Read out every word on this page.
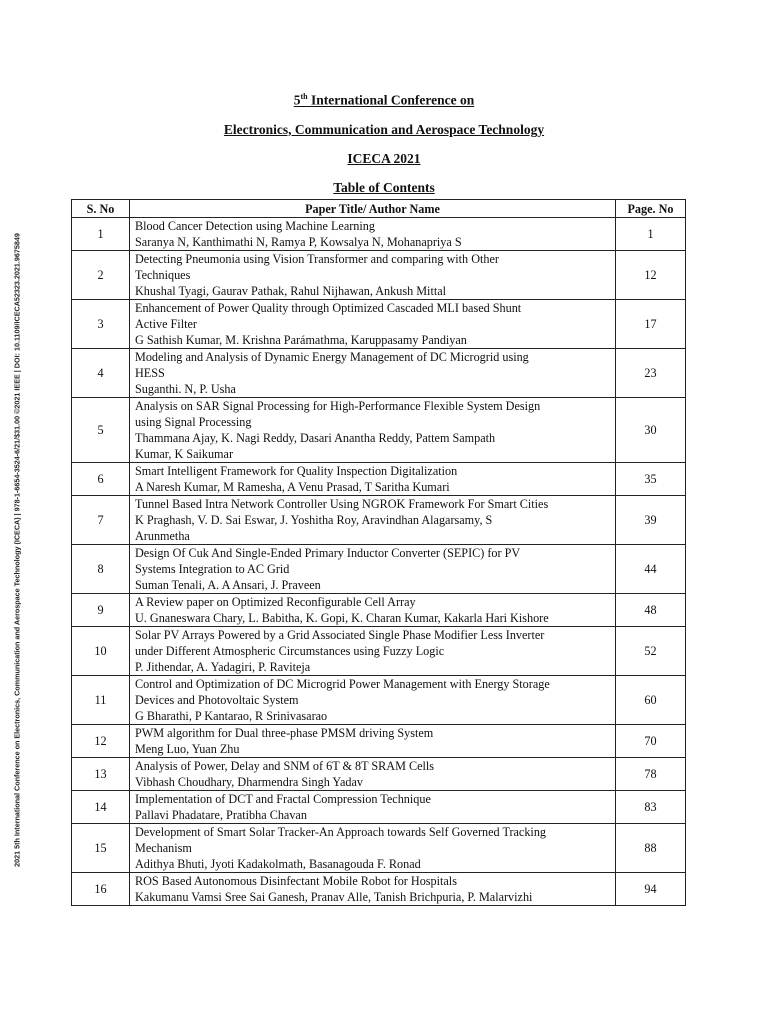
2021 5th International Conference on Electronics, Communication and Aerospace Technology (ICECA) | 978-1-6654-3524-6/21/$31.00 ©2021 IEEE | DOI: 10.1109/ICECA52323.2021.9675849
5th International Conference on
Electronics, Communication and Aerospace Technology
ICECA 2021
Table of Contents
S. No	Paper Title/ Author Name	Page. No
1	Blood Cancer Detection using Machine Learning
Saranya N, Kanthimathi N, Ramya P, Kowsalya N, Mohanapriya S	1
2	Detecting Pneumonia using Vision Transformer and comparing with Other
Techniques
Khushal Tyagi, Gaurav Pathak, Rahul Nijhawan, Ankush Mittal	12
3	Enhancement of Power Quality through Optimized Cascaded MLI based Shunt
Active Filter
G Sathish Kumar, M. Krishna Parámathma, Karuppasamy Pandiyan	17
4	Modeling and Analysis of Dynamic Energy Management of DC Microgrid using
HESS
Suganthi. N, P. Usha	23
5	Analysis on SAR Signal Processing for High-Performance Flexible System Design
using Signal Processing
Thammana Ajay, K. Nagi Reddy, Dasari Anantha Reddy, Pattem Sampath
Kumar, K Saikumar	30
6	Smart Intelligent Framework for Quality Inspection Digitalization
A Naresh Kumar, M Ramesha, A Venu Prasad, T Saritha Kumari	35
7	Tunnel Based Intra Network Controller Using NGROK Framework For Smart Cities
K Praghash, V. D. Sai Eswar, J. Yoshitha Roy, Aravindhan Alagarsamy, S
Arunmetha	39
8	Design Of Cuk And Single-Ended Primary Inductor Converter (SEPIC) for PV
Systems Integration to AC Grid
Suman Tenali, A. A Ansari, J. Praveen	44
9	A Review paper on Optimized Reconfigurable Cell Array
U. Gnaneswara Chary, L. Babitha, K. Gopi, K. Charan Kumar, Kakarla Hari Kishore	48
10	Solar PV Arrays Powered by a Grid Associated Single Phase Modifier Less Inverter
under Different Atmospheric Circumstances using Fuzzy Logic
P. Jithendar, A. Yadagiri, P. Raviteja	52
11	Control and Optimization of DC Microgrid Power Management with Energy Storage
Devices and Photovoltaic System
G Bharathi, P Kantarao, R Srinivasarao	60
12	PWM algorithm for Dual three-phase PMSM driving System
Meng Luo, Yuan Zhu	70
13	Analysis of Power, Delay and SNM of 6T & 8T SRAM Cells
Vibhash Choudhary, Dharmendra Singh Yadav	78
14	Implementation of DCT and Fractal Compression Technique
Pallavi Phadatare, Pratibha Chavan	83
15	Development of Smart Solar Tracker-An Approach towards Self Governed Tracking
Mechanism
Adithya Bhuti, Jyoti Kadakolmath, Basanagouda F. Ronad	88
16	ROS Based Autonomous Disinfectant Mobile Robot for Hospitals
Kakumanu Vamsi Sree Sai Ganesh, Pranav Alle, Tanish Brichpuria, P. Malarvizhi	94
